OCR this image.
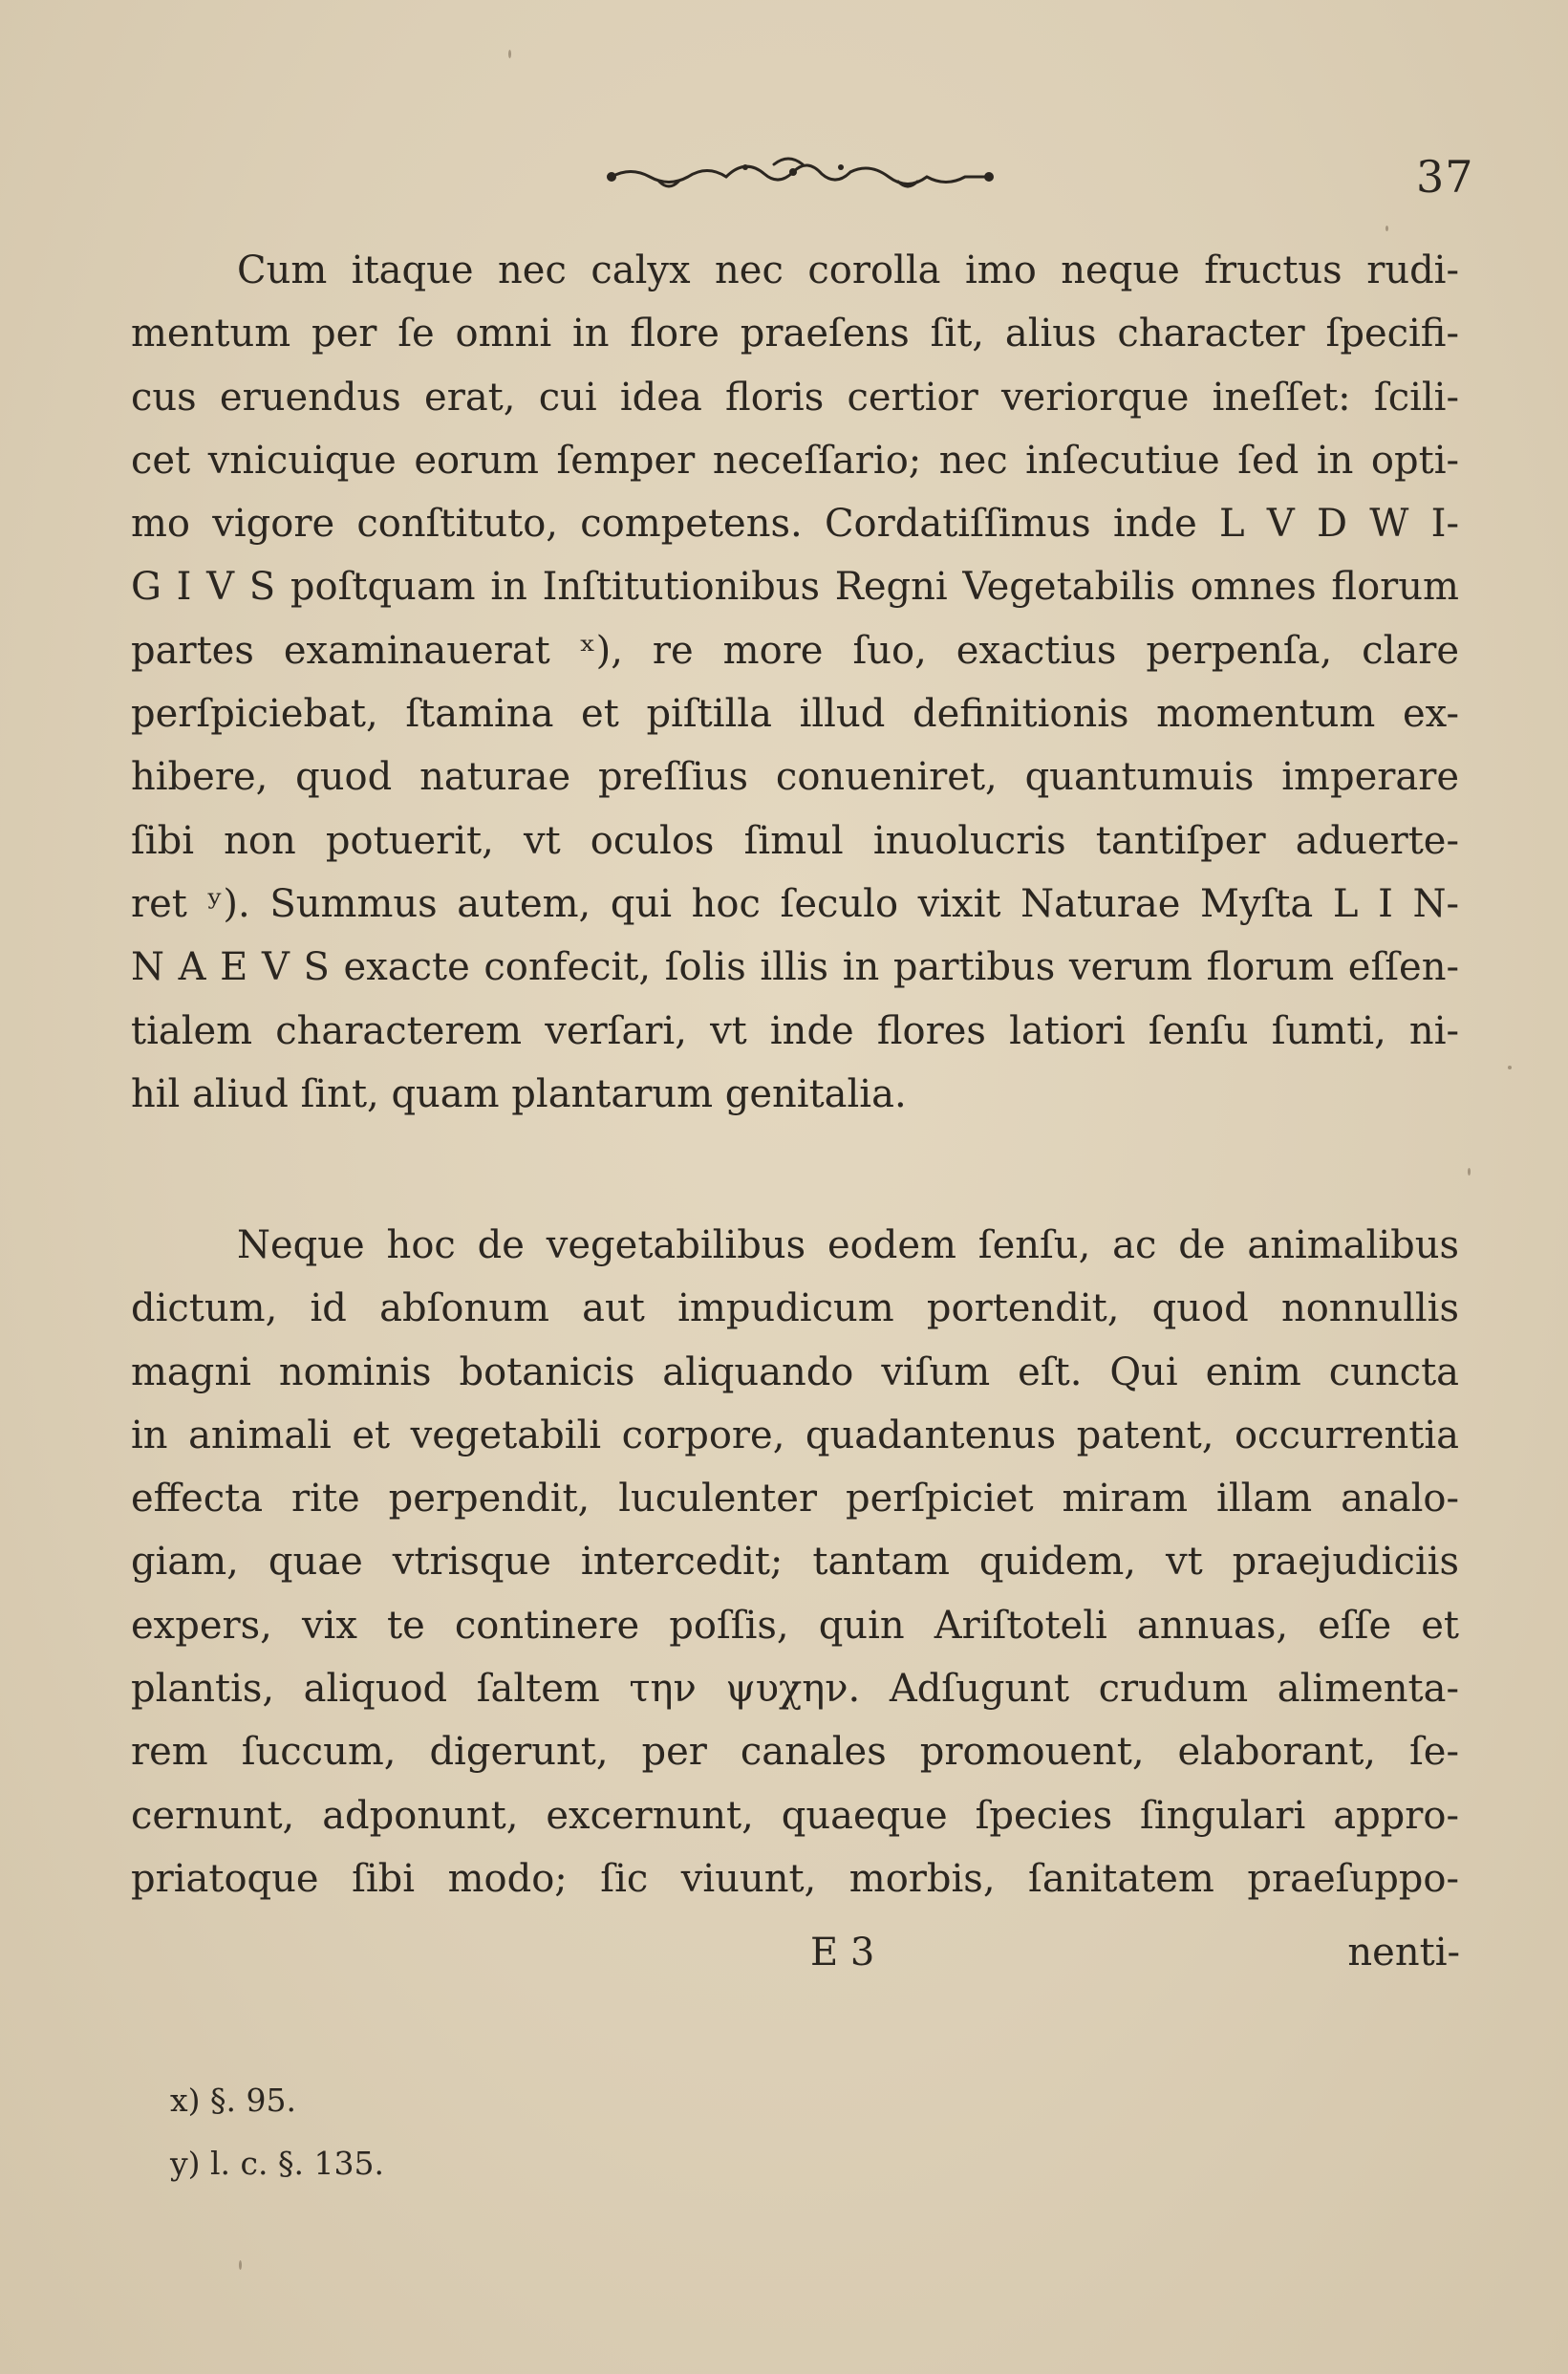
37
Cum itaque nec calyx nec corolla imo neque fructus rudi-
mentum per ſe omni in flore praeſens ſit, alius character ſpecifi-
cus eruendus erat, cui idea floris certior veriorque ineſſet: ſcili-
cet vnicuique eorum ſemper neceſſario; nec inſecutiue ſed in opti-
mo vigore conſtituto, competens. Cordatiſſimus inde L V D W I-
G I V S poſtquam in Inſtitutionibus Regni Vegetabilis omnes florum
partes examinauerat ˣ), re more ſuo, exactius perpenſa, clare
perſpiciebat, ſtamina et piſtilla illud definitionis momentum ex-
hibere, quod naturae preſſius conueniret, quantumuis imperare
ſibi non potuerit, vt oculos ſimul inuolucris tantiſper aduerte-
ret ʸ). Summus autem, qui hoc ſeculo vixit Naturae Myſta L I N-
N A E V S exacte confecit, ſolis illis in partibus verum florum eſſen-
tialem characterem verſari, vt inde flores latiori ſenſu ſumti, ni-
hil aliud ſint, quam plantarum genitalia.
Neque hoc de vegetabilibus eodem ſenſu, ac de animalibus
dictum, id abſonum aut impudicum portendit, quod nonnullis
magni nominis botanicis aliquando viſum eſt. Qui enim cuncta
in animali et vegetabili corpore, quadantenus patent, occurrentia
effecta rite perpendit, luculenter perſpiciet miram illam analo-
giam, quae vtrisque intercedit; tantam quidem, vt praejudiciis
expers, vix te continere poſſis, quin Ariſtoteli annuas, eſſe et
plantis, aliquod ſaltem την ψυχην. Adſugunt crudum alimenta-
rem ſuccum, digerunt, per canales promouent, elaborant, ſe-
cernunt, adponunt, excernunt, quaeque ſpecies ſingulari appro-
priatoque ſibi modo; ſic viuunt, morbis, ſanitatem praeſuppo-
E 3	nenti-
x) §. 95.
y) l. c. §. 135.
